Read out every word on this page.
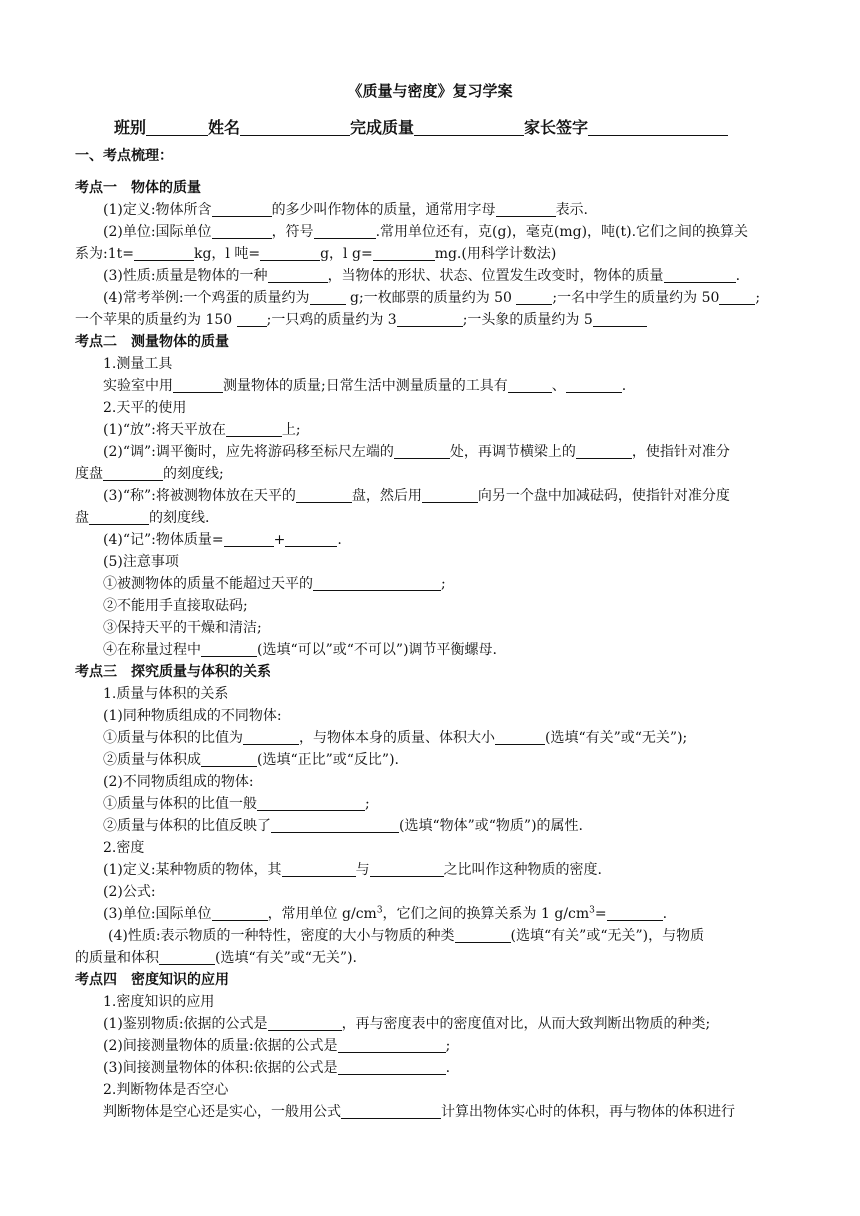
《质量与密度》复习学案
班别	姓名	完成质量	家长签字
一、考点梳理：
考点一　物体的质量
(1)定义:物体所含	的多少叫作物体的质量，通常用字母	表示.
(2)单位:国际单位	，符号	.常用单位还有，克(g)，毫克(mg)，吨(t).它们之间的换算关
系为:1t=	kg，l 吨=	g，l g=	mg.(用科学计数法)
(3)性质:质量是物体的一种	，当物体的形状、状态、位置发生改变时，物体的质量	.
(4)常考举例:一个鸡蛋的质量约为	g;一枚邮票的质量约为 50	;一名中学生的质量约为 50	;
一个苹果的质量约为 150 ;一只鸡的质量约为 3	;一头象的质量约为 5
考点二　测量物体的质量
1.测量工具
实验室中用	测量物体的质量;日常生活中测量质量的工具有	、	.
2.天平的使用
(1)“放”:将天平放在	上;
(2)“调”:调平衡时，应先将游码移至标尺左端的	处，再调节横梁上的	，使指针对准分
度盘	的刻度线;
(3)“称”:将被测物体放在天平的	盘，然后用	向另一个盘中加减砝码，使指针对准分度
盘	的刻度线.
(4)“记”:物体质量=	+	.
(5)注意事项
①被测物体的质量不能超过天平的	;
②不能用手直接取砝码;
③保持天平的干燥和清洁;
④在称量过程中	(选填“可以”或“不可以”)调节平衡螺母.
考点三　探究质量与体积的关系
1.质量与体积的关系
(1)同种物质组成的不同物体:
①质量与体积的比值为	，与物体本身的质量、体积大小	(选填“有关”或“无关”);
②质量与体积成	(选填“正比”或“反比”).
(2)不同物质组成的物体:
①质量与体积的比值一般	;
②质量与体积的比值反映了	(选填“物体”或“物质”)的属性.
2.密度
(1)定义:某种物质的物体，其	与	之比叫作这种物质的密度.
(2)公式:
(3)单位:国际单位	，常用单位 $g/cm^3$，它们之间的换算关系为 1 $g/cm^3=$	.
(4)性质:表示物质的一种特性，密度的大小与物质的种类	(选填“有关”或“无关”)，与物质
的质量和体积	(选填“有关”或“无关”).
考点四　密度知识的应用
1.密度知识的应用
(1)鉴别物质:依据的公式是	，再与密度表中的密度值对比，从而大致判断出物质的种类;
(2)间接测量物体的质量:依据的公式是	;
(3)间接测量物体的体积:依据的公式是	.
2.判断物体是否空心
判断物体是空心还是实心，一般用公式	计算出物体实心时的体积，再与物体的体积进行
